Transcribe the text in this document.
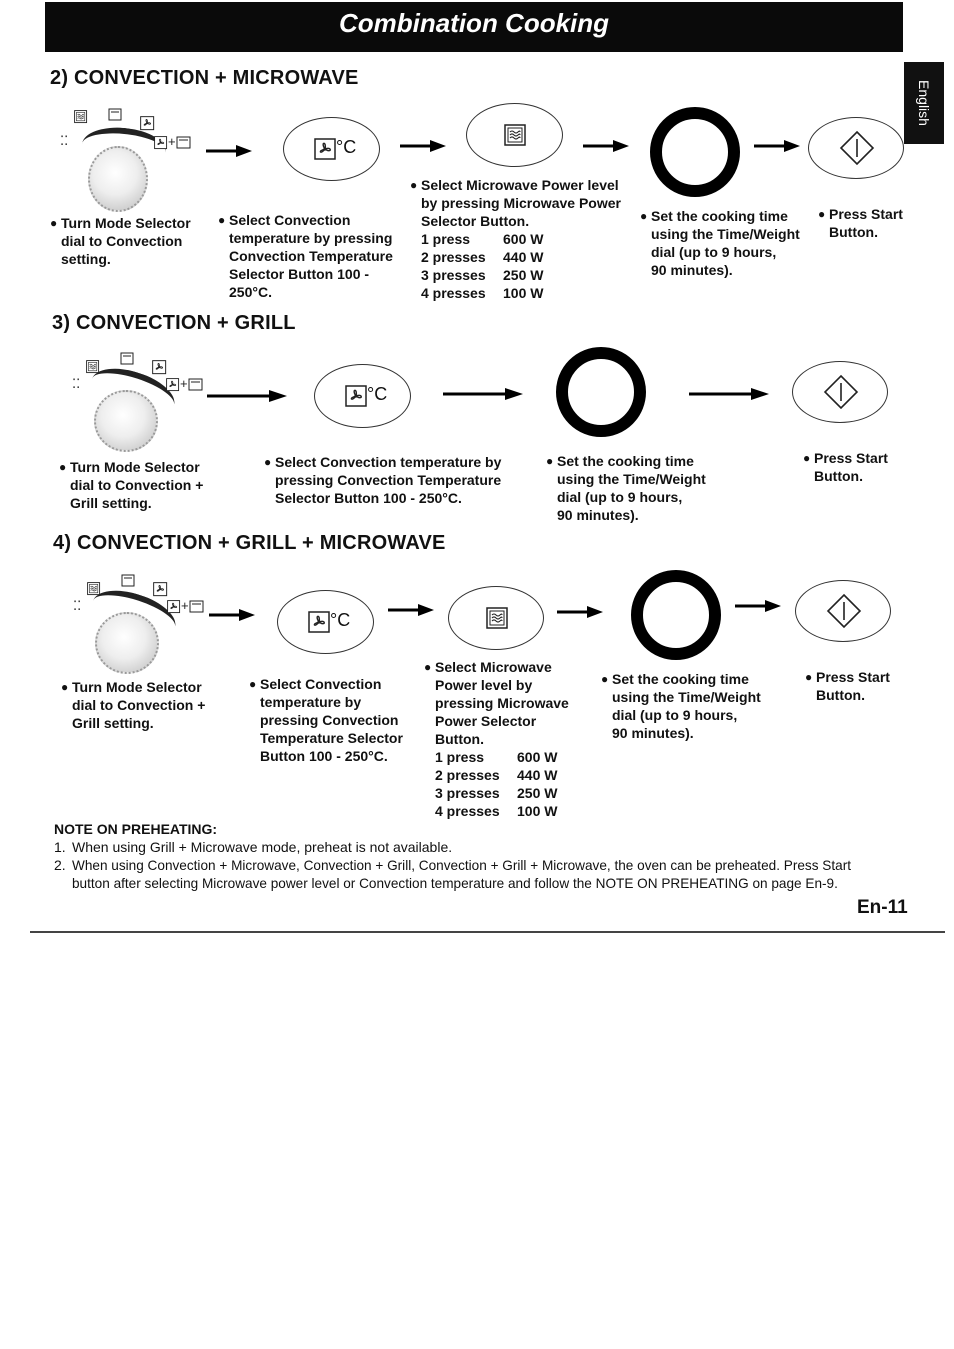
Combination Cooking
English
2) CONVECTION + MICROWAVE
⁚⁚	+	°C
● Turn Mode Selector
dial to Convection
setting.
● Select Convection
temperature by pressing
Convection Temperature
Selector Button 100 -
250°C.
● Select Microwave Power level
by pressing Microwave Power
Selector Button.
1 press	600 W
2 presses	440 W
3 presses	250 W
4 presses	100 W
● Set the cooking time
using the Time/Weight
dial (up to 9 hours,
90 minutes).
● Press Start
Button.
3) CONVECTION + GRILL
⁚⁚	+
°C
● Turn Mode Selector
dial to Convection +
Grill setting.
● Select Convection temperature by
pressing Convection Temperature
Selector Button 100 - 250°C.
● Set the cooking time
using the Time/Weight
dial (up to 9 hours,
90 minutes).
● Press Start
Button.
4) CONVECTION + GRILL + MICROWAVE
⁚⁚	+
°C
● Turn Mode Selector
dial to Convection +
Grill setting.
● Select Convection
temperature by
pressing Convection
Temperature Selector
Button 100 - 250°C.
● Select Microwave
Power level by
pressing Microwave
Power Selector
Button.
1 press	600 W
2 presses	440 W
3 presses	250 W
4 presses	100 W
● Set the cooking time
using the Time/Weight
dial (up to 9 hours,
90 minutes).
● Press Start
Button.
NOTE ON PREHEATING:
1. When using Grill + Microwave mode, preheat is not available.
2. When using Convection + Microwave, Convection + Grill, Convection + Grill + Microwave, the oven can be preheated. Press Start
button after selecting Microwave power level or Convection temperature and follow the NOTE ON PREHEATING on page En-9.
En-11
